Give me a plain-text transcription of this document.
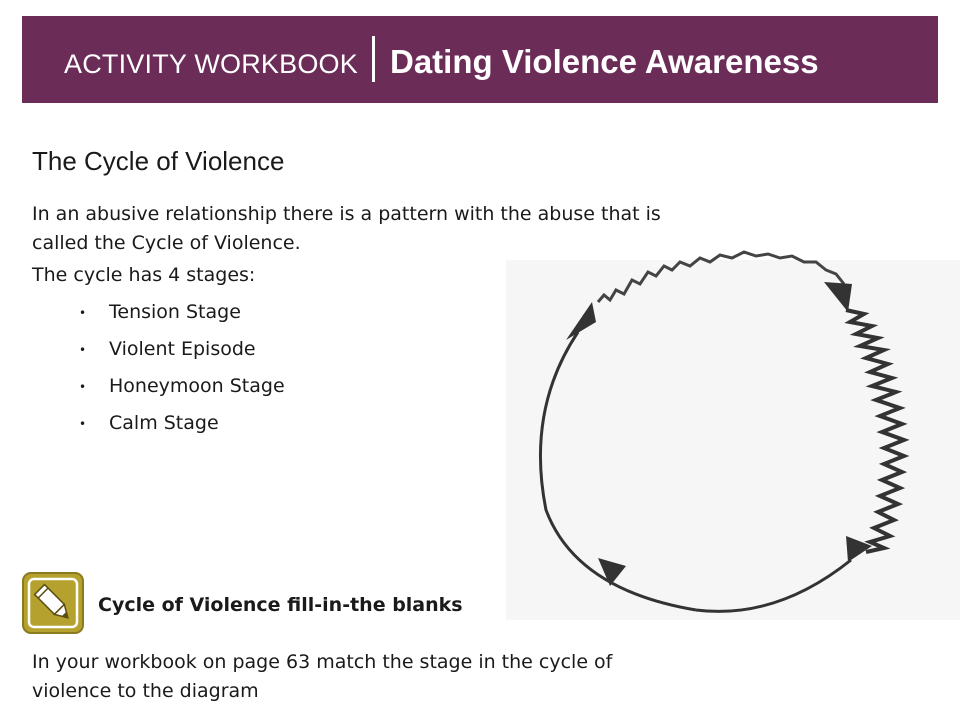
ACTIVITY WORKBOOK Dating Violence Awareness
The Cycle of Violence

In an abusive relationship there is a pattern with the abuse that is called the Cycle of Violence.

The cycle has 4 stages:

•	Tension Stage
•	Violent Episode
•	Honeymoon Stage
•	Calm Stage

Cycle of Violence fill-in-the blanks

In your workbook on page 63 match the stage in the cycle of violence to the diagram
